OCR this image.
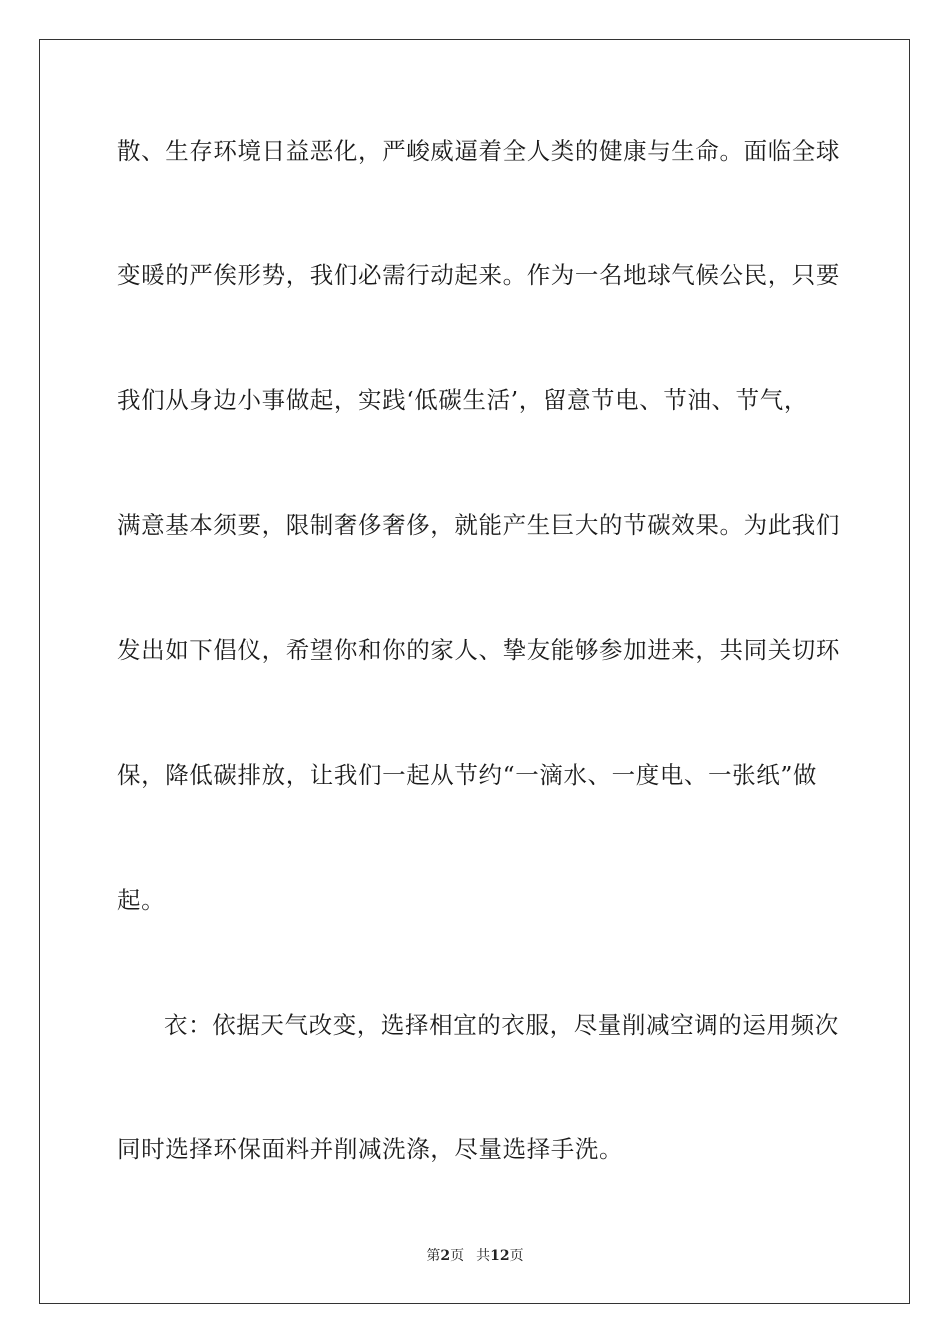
散、生存环境日益恶化，严峻威逼着全人类的健康与生命。面临全球
变暖的严俟形势，我们必需行动起来。作为一名地球气候公民，只要
我们从身边小事做起，实践‘低碳生活’，留意节电、节油、节气，
满意基本须要，限制奢侈奢侈，就能产生巨大的节碳效果。为此我们
发出如下倡仪，希望你和你的家人、挚友能够参加进来，共同关切环
保，降低碳排放，让我们一起从节约“一滴水、一度电、一张纸”做
起。
衣：依据天气改变，选择相宜的衣服，尽量削减空调的运用频次
同时选择环保面料并削减洗涤，尽量选择手洗。
第2页 共12页
